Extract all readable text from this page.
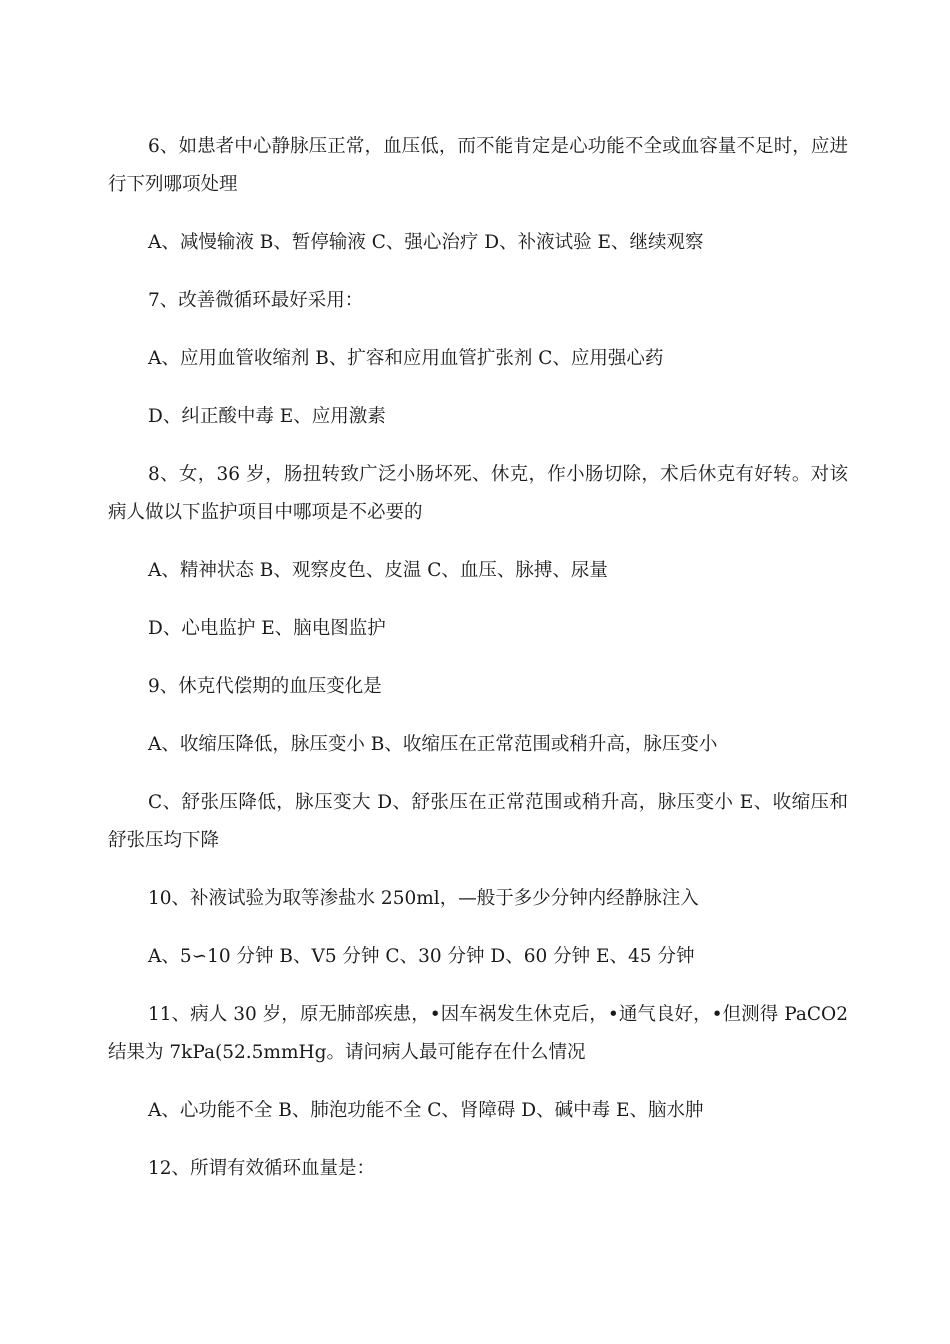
6、如患者中心静脉压正常，血压低，而不能肯定是心功能不全或血容量不足时，应进行下列哪项处理

A、减慢输液 B、暂停输液 C、强心治疗 D、补液试验 E、继续观察

7、改善微循环最好采用：

A、应用血管收缩剂 B、扩容和应用血管扩张剂 C、应用强心药

D、纠正酸中毒 E、应用激素

8、女，36 岁，肠扭转致广泛小肠坏死、休克，作小肠切除，术后休克有好转。对该病人做以下监护项目中哪项是不必要的

A、精神状态 B、观察皮色、皮温 C、血压、脉搏、尿量

D、心电监护 E、脑电图监护

9、休克代偿期的血压变化是

A、收缩压降低，脉压变小 B、收缩压在正常范围或稍升高，脉压变小

C、舒张压降低，脉压变大 D、舒张压在正常范围或稍升高，脉压变小 E、收缩压和舒张压均下降

10、补液试验为取等渗盐水 250ml，—般于多少分钟内经静脉注入

A、5∽10 分钟 B、V5 分钟 C、30 分钟 D、60 分钟 E、45 分钟

11、病人 30 岁，原无肺部疾患，•因车祸发生休克后，•通气良好，•但测得 PaCO2 结果为 7kPa(52.5mmHg。请问病人最可能存在什么情况

A、心功能不全 B、肺泡功能不全 C、肾障碍 D、碱中毒 E、脑水肿

12、所谓有效循环血量是：
